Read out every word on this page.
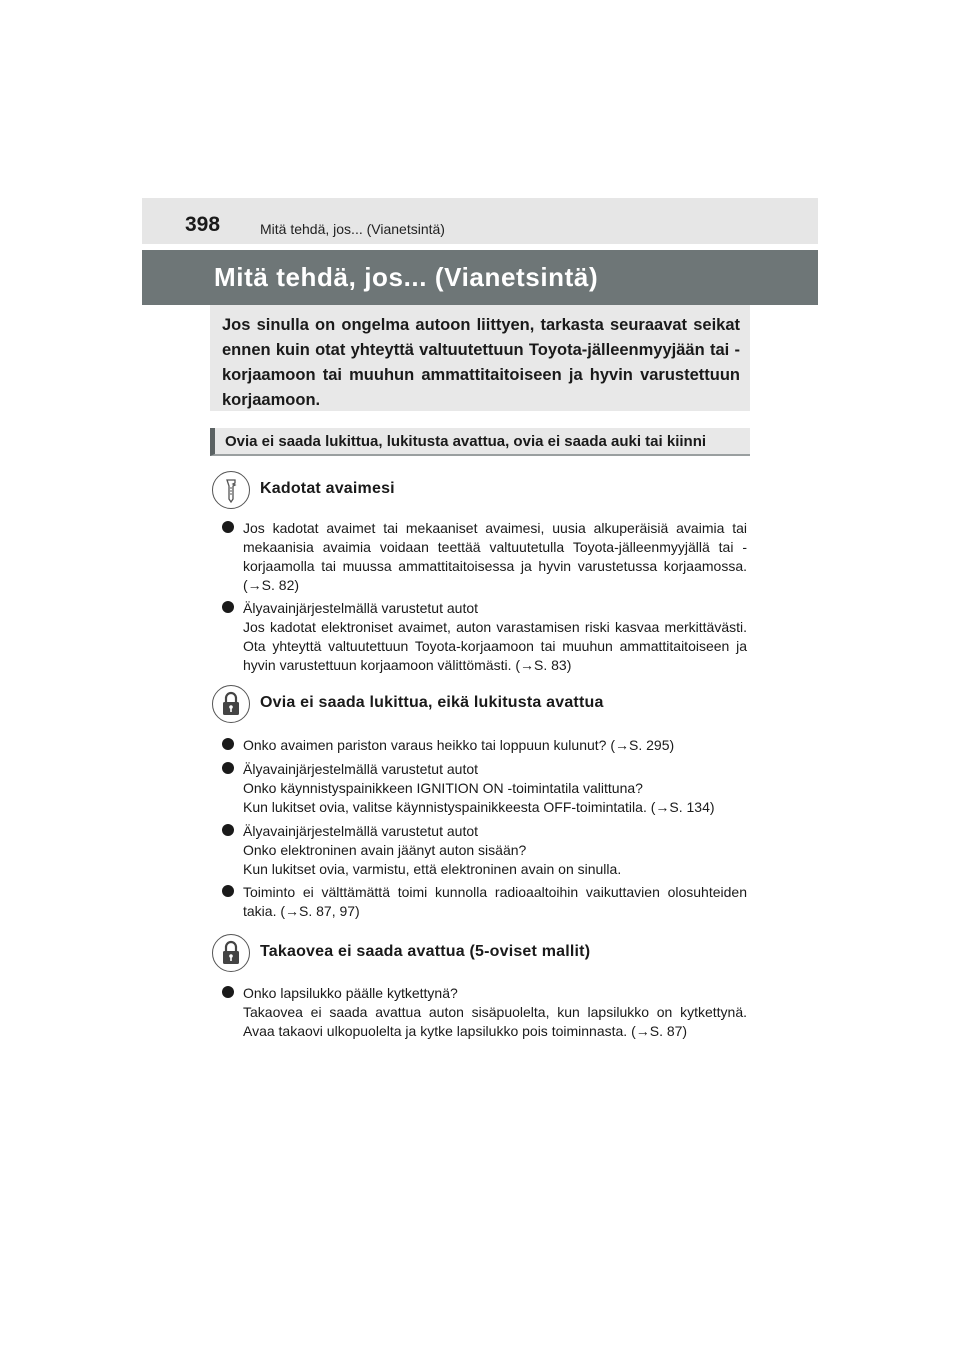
398	Mitä tehdä, jos... (Vianetsintä)
Mitä tehdä, jos... (Vianetsintä)

Jos sinulla on ongelma autoon liittyen, tarkasta seuraavat seikat ennen kuin otat yhteyttä valtuutettuun Toyota-jälleenmyyjään tai -korjaamoon tai muuhun ammattitaitoiseen ja hyvin varustettuun korjaamoon.

Ovia ei saada lukittua, lukitusta avattua, ovia ei saada auki tai kiinni
Kadotat avaimesi
Jos kadotat avaimet tai mekaaniset avaimesi, uusia alkuperäisiä avaimia tai mekaanisia avaimia voidaan teettää valtuutetulla Toyota-jälleenmyyjällä tai -korjaamolla tai muussa ammattitaitoisessa ja hyvin varustetussa korjaamossa. (→S. 82)
Älyavainjärjestelmällä varustetut autot
Jos kadotat elektroniset avaimet, auton varastamisen riski kasvaa merkittävästi. Ota yhteyttä valtuutettuun Toyota-korjaamoon tai muuhun ammattitaitoiseen ja hyvin varustettuun korjaamoon välittömästi. (→S. 83)
Ovia ei saada lukittua, eikä lukitusta avattua
Onko avaimen pariston varaus heikko tai loppuun kulunut? (→S. 295)
Älyavainjärjestelmällä varustetut autot
Onko käynnistyspainikkeen IGNITION ON -toimintatila valittuna?
Kun lukitset ovia, valitse käynnistyspainikkeesta OFF-toimintatila. (→S. 134)
Älyavainjärjestelmällä varustetut autot
Onko elektroninen avain jäänyt auton sisään?
Kun lukitset ovia, varmistu, että elektroninen avain on sinulla.
Toiminto ei välttämättä toimi kunnolla radioaaltoihin vaikuttavien olosuhteiden takia. (→S. 87, 97)
Takaovea ei saada avattua (5-oviset mallit)
Onko lapsilukko päälle kytkettynä?
Takaovea ei saada avattua auton sisäpuolelta, kun lapsilukko on kytkettynä. Avaa takaovi ulkopuolelta ja kytke lapsilukko pois toiminnasta. (→S. 87)
